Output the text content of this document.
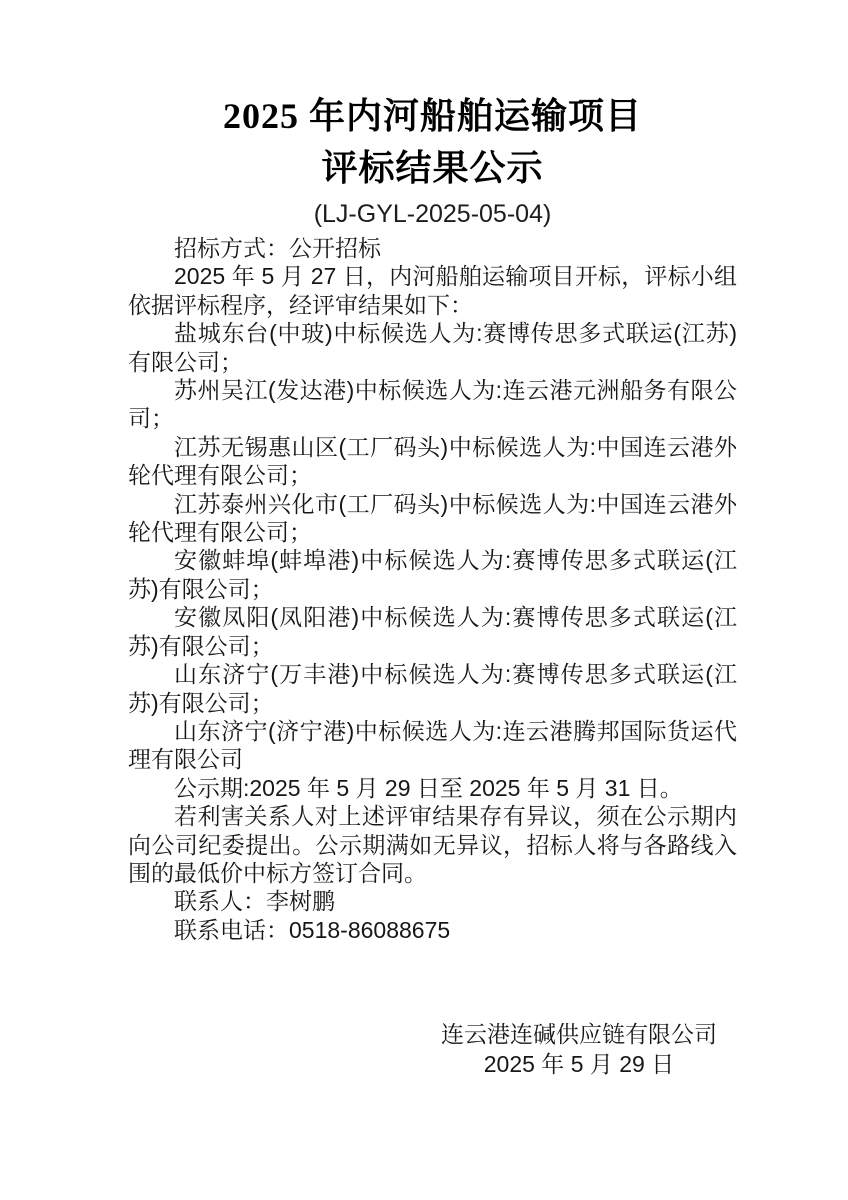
2025 年内河船舶运输项目
评标结果公示
(LJ-GYL-2025-05-04)

招标方式：公开招标

2025 年 5 月 27 日，内河船舶运输项目开标，评标小组依据评标程序，经评审结果如下：

盐城东台(中玻)中标候选人为:赛博传思多式联运(江苏)有限公司；

苏州吴江(发达港)中标候选人为:连云港元洲船务有限公司；

江苏无锡惠山区(工厂码头)中标候选人为:中国连云港外轮代理有限公司；

江苏泰州兴化市(工厂码头)中标候选人为:中国连云港外轮代理有限公司；

安徽蚌埠(蚌埠港)中标候选人为:赛博传思多式联运(江苏)有限公司；

安徽凤阳(凤阳港)中标候选人为:赛博传思多式联运(江苏)有限公司；

山东济宁(万丰港)中标候选人为:赛博传思多式联运(江苏)有限公司；

山东济宁(济宁港)中标候选人为:连云港腾邦国际货运代理有限公司

公示期:2025 年 5 月 29 日至 2025 年 5 月 31 日。

若利害关系人对上述评审结果存有异议，须在公示期内向公司纪委提出。公示期满如无异议，招标人将与各路线入围的最低价中标方签订合同。

联系人：李树鹏

联系电话：0518-86088675

连云港连碱供应链有限公司
2025 年 5 月 29 日
